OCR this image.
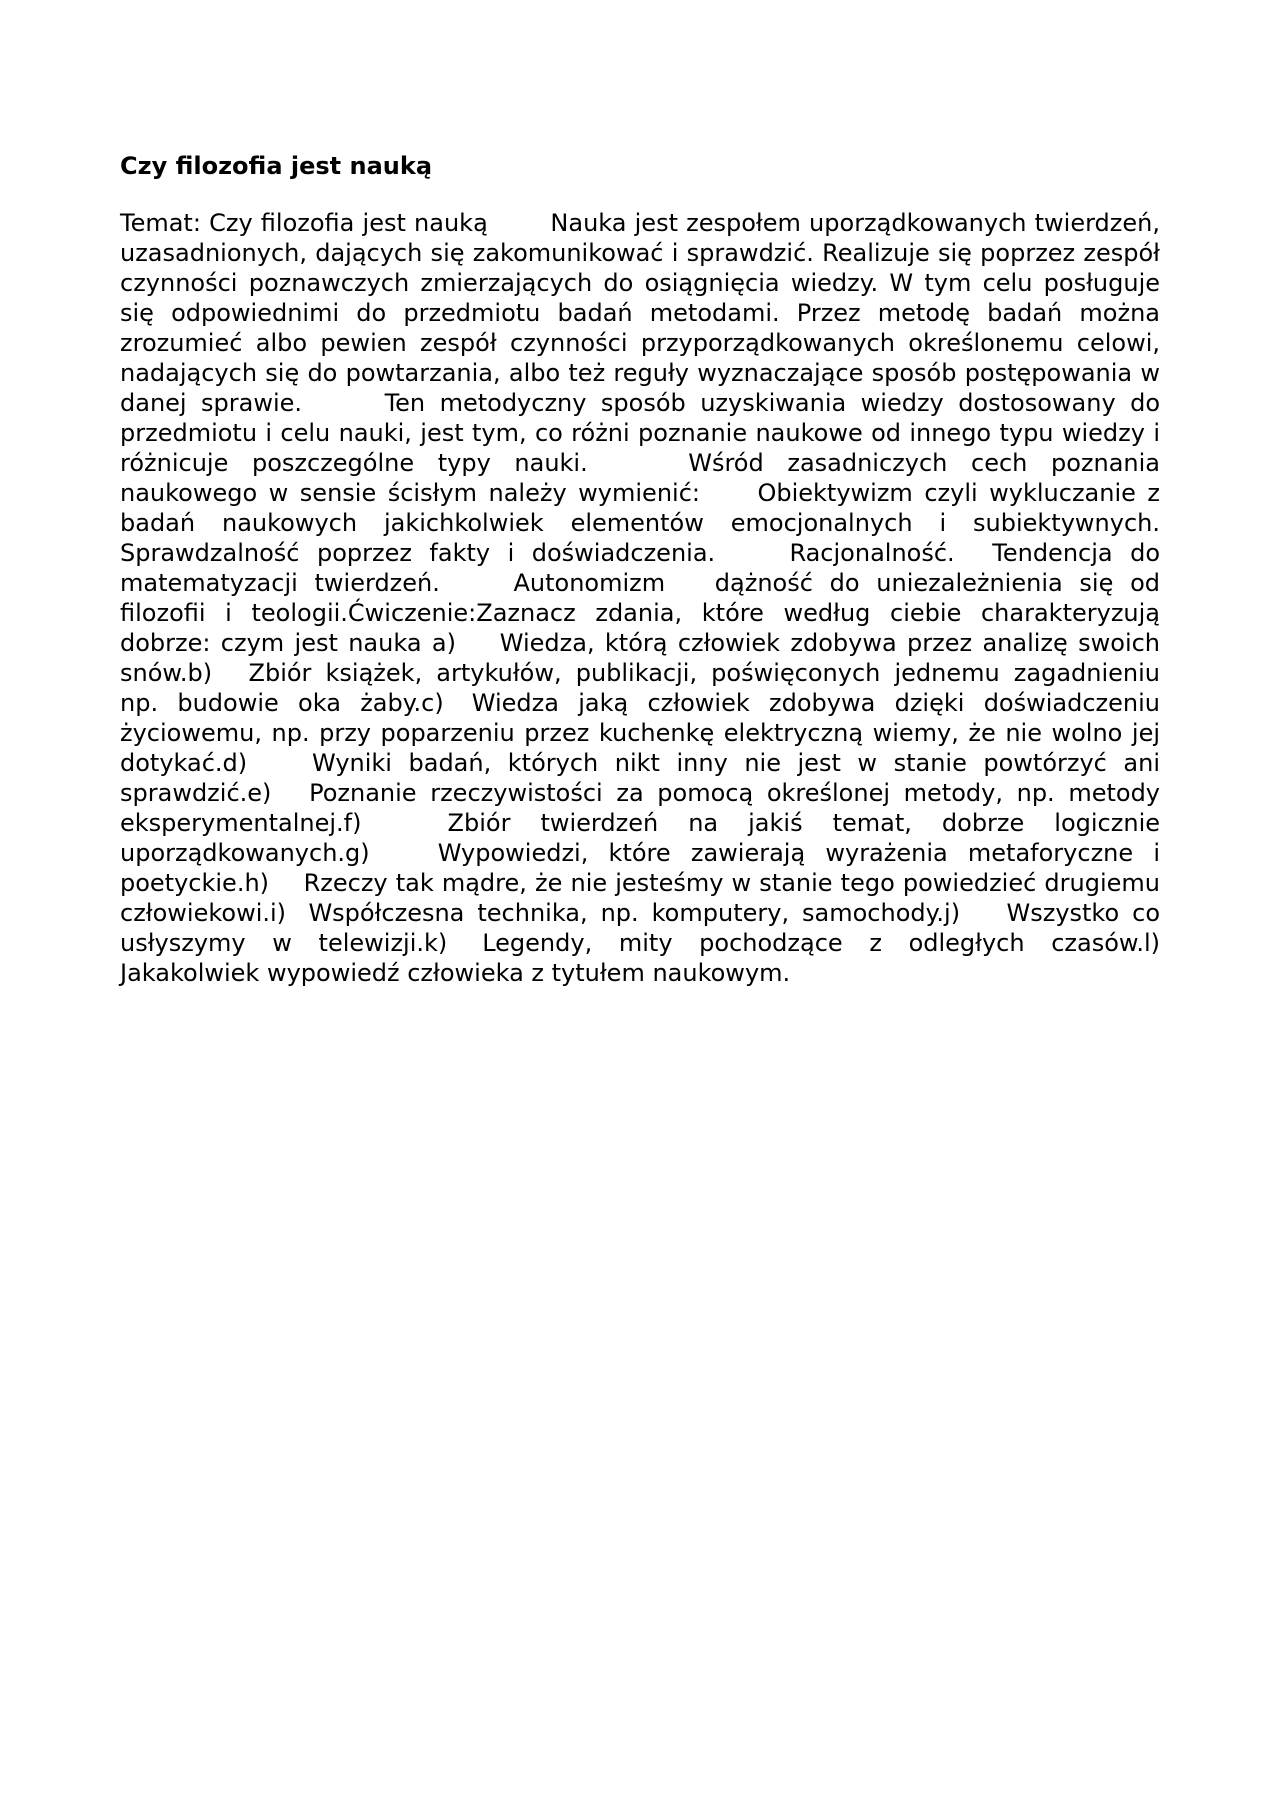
Czy filozofia jest nauką

Temat: Czy filozofia jest nauką	Nauka jest zespołem uporządkowanych twierdzeń, uzasadnionych, dających się zakomunikować i sprawdzić. Realizuje się poprzez zespół czynności poznawczych zmierzających do osiągnięcia wiedzy. W tym celu posługuje się odpowiednimi do przedmiotu badań metodami. Przez metodę badań można zrozumieć albo pewien zespół czynności przyporządkowanych określonemu celowi, nadających się do powtarzania, albo też reguły wyznaczające sposób postępowania w danej sprawie.	Ten metodyczny sposób uzyskiwania wiedzy dostosowany do przedmiotu i celu nauki, jest tym, co różni poznanie naukowe od innego typu wiedzy i różnicuje poszczególne typy nauki.	Wśród zasadniczych cech poznania naukowego w sensie ścisłym należy wymienić:	Obiektywizm czyli wykluczanie z badań naukowych jakichkolwiek elementów emocjonalnych i subiektywnych.	Sprawdzalność poprzez fakty i doświadczenia.	Racjonalność.	Tendencja do matematyzacji twierdzeń.	Autonomizm	dążność do uniezależnienia się od filozofii i teologii.Ćwiczenie:Zaznacz zdania, które według ciebie charakteryzują dobrze: czym jest nauka a)	Wiedza, którą człowiek zdobywa przez analizę swoich snów.b)	Zbiór książek, artykułów, publikacji, poświęconych jednemu zagadnieniu np. budowie oka żaby.c)	Wiedza jaką człowiek zdobywa dzięki doświadczeniu życiowemu, np. przy poparzeniu przez kuchenkę elektryczną wiemy, że nie wolno jej dotykać.d)	Wyniki badań, których nikt inny nie jest w stanie powtórzyć ani sprawdzić.e)	Poznanie rzeczywistości za pomocą określonej metody, np. metody eksperymentalnej.f)	Zbiór twierdzeń na jakiś temat, dobrze logicznie uporządkowanych.g)	Wypowiedzi, które zawierają wyrażenia metaforyczne i poetyckie.h)	Rzeczy tak mądre, że nie jesteśmy w stanie tego powiedzieć drugiemu człowiekowi.i)	Współczesna technika, np. komputery, samochody.j)	Wszystko co usłyszymy w telewizji.k)	Legendy, mity pochodzące z odległych czasów.l)	Jakakolwiek wypowiedź człowieka z tytułem naukowym.
